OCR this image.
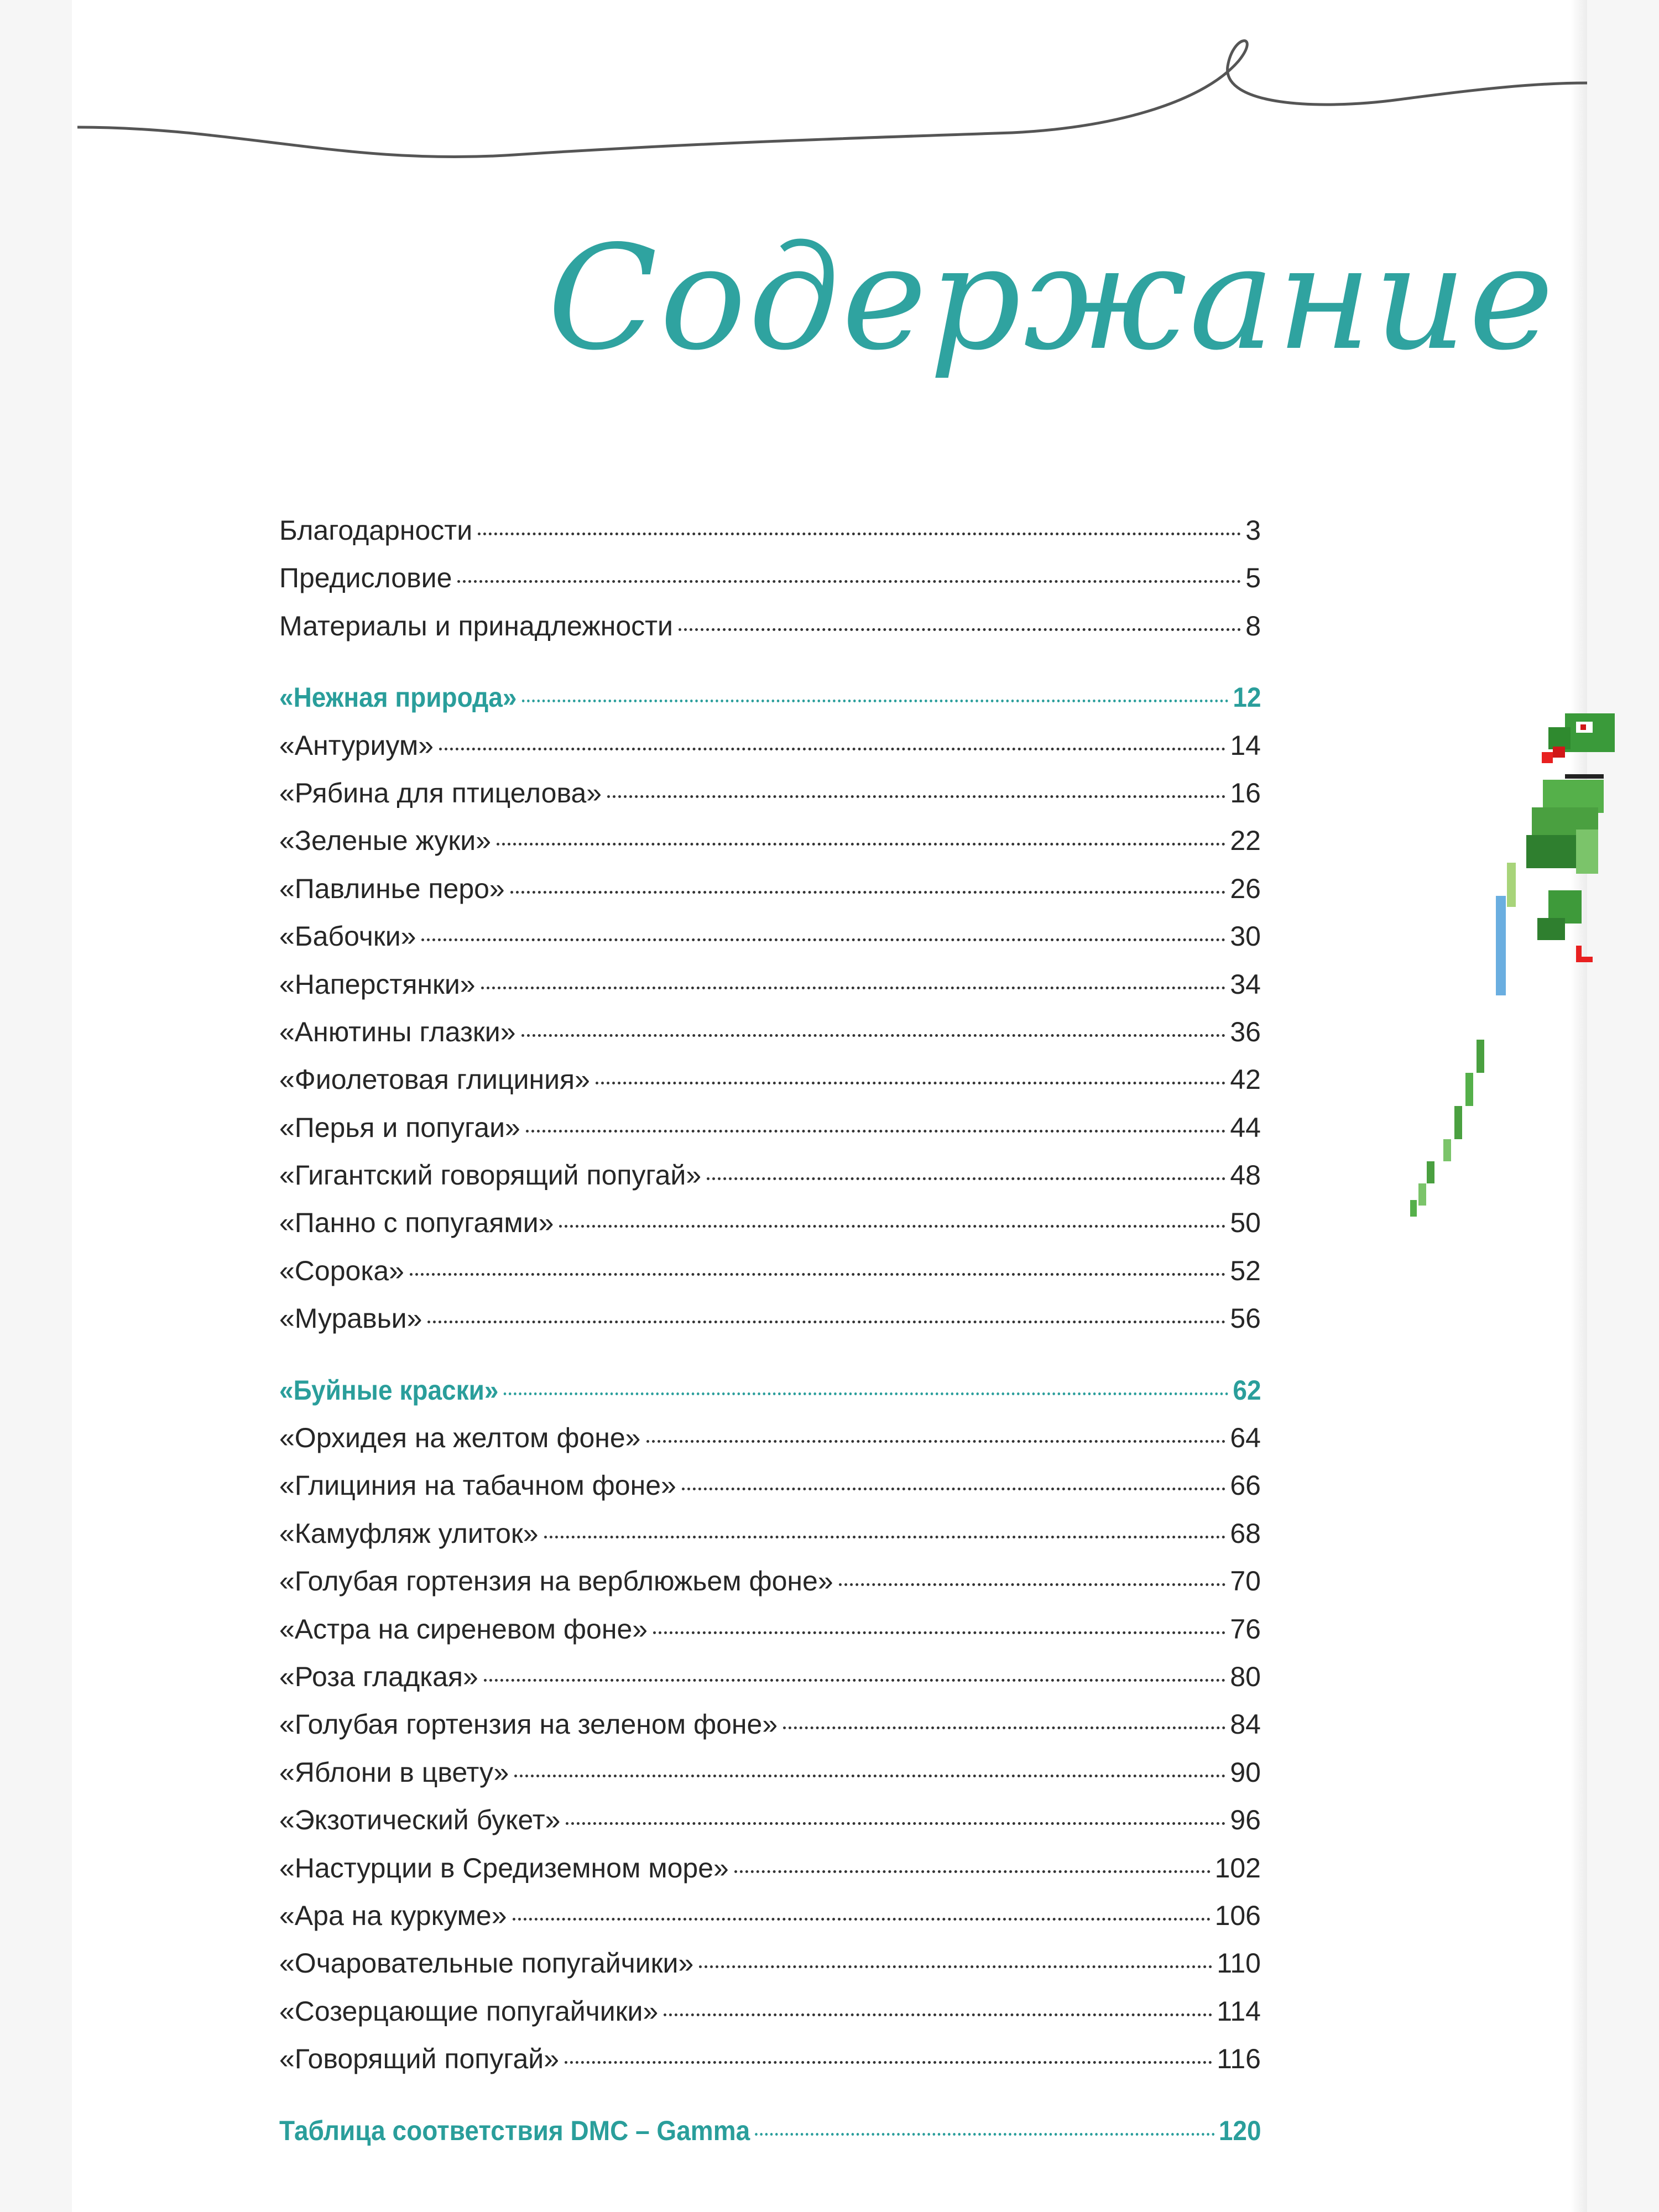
Содержание
Благодарности	3
Предисловие	5
Материалы и принадлежности	8
«Нежная природа»	12
«Антуриум»	14
«Рябина для птицелова»	16
«Зеленые жуки»	22
«Павлинье перо»	26
«Бабочки»	30
«Наперстянки»	34
«Анютины глазки»	36
«Фиолетовая глициния»	42
«Перья и попугаи»	44
«Гигантский говорящий попугай»	48
«Панно с попугаями»	50
«Сорока»	52
«Муравьи»	56
«Буйные краски»	62
«Орхидея на желтом фоне»	64
«Глициния на табачном фоне»	66
«Камуфляж улиток»	68
«Голубая гортензия на верблюжьем фоне»	70
«Астра на сиреневом фоне»	76
«Роза гладкая»	80
«Голубая гортензия на зеленом фоне»	84
«Яблони в цвету»	90
«Экзотический букет»	96
«Настурции в Средиземном море»	102
«Ара на куркуме»	106
«Очаровательные попугайчики»	110
«Созерцающие попугайчики»	114
«Говорящий попугай»	116
Таблица соответствия DMC – Gamma	120
